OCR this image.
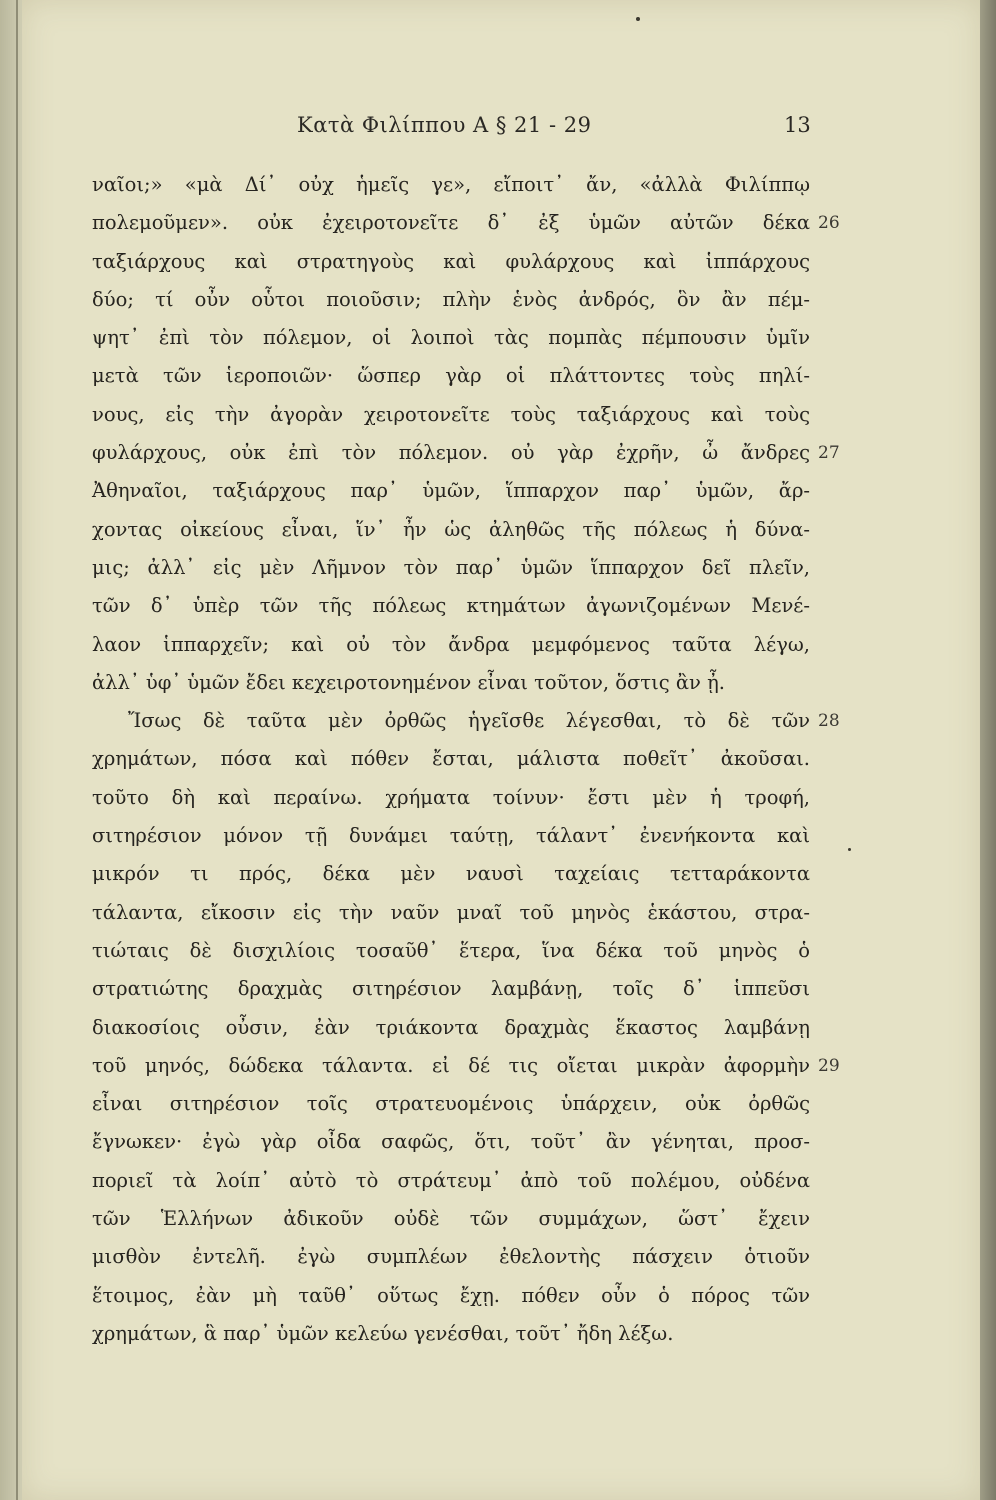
Κατὰ Φιλίππου Α § 21 - 29	13
ναῖοι;» «μὰ Δί᾽ οὐχ ἡμεῖς γε», εἴποιτ᾽ ἄν, «ἀλλὰ Φιλίππῳ
πολεμοῦμεν». οὐκ ἐχειροτονεῖτε δ᾽ ἐξ ὑμῶν αὐτῶν δέκα 26
ταξιάρχους καὶ στρατηγοὺς καὶ φυλάρχους καὶ ἱππάρχους
δύο; τί οὖν οὗτοι ποιοῦσιν; πλὴν ἑνὸς ἀνδρός, ὃν ἂν πέμ-
ψητ᾽ ἐπὶ τὸν πόλεμον, οἱ λοιποὶ τὰς πομπὰς πέμπουσιν ὑμῖν
μετὰ τῶν ἱεροποιῶν· ὥσπερ γὰρ οἱ πλάττοντες τοὺς πηλί-
νους, εἰς τὴν ἀγορὰν χειροτονεῖτε τοὺς ταξιάρχους καὶ τοὺς
φυλάρχους, οὐκ ἐπὶ τὸν πόλεμον. οὐ γὰρ ἐχρῆν, ὦ ἄνδρες 27
Ἀθηναῖοι, ταξιάρχους παρ᾽ ὑμῶν, ἵππαρχον παρ᾽ ὑμῶν, ἄρ-
χοντας οἰκείους εἶναι, ἵν᾽ ἦν ὡς ἀληθῶς τῆς πόλεως ἡ δύνα-
μις; ἀλλ᾽ εἰς μὲν Λῆμνον τὸν παρ᾽ ὑμῶν ἵππαρχον δεῖ πλεῖν,
τῶν δ᾽ ὑπὲρ τῶν τῆς πόλεως κτημάτων ἀγωνιζομένων Μενέ-
λαον ἱππαρχεῖν; καὶ οὐ τὸν ἄνδρα μεμφόμενος ταῦτα λέγω,
ἀλλ᾽ ὑφ᾽ ὑμῶν ἔδει κεχειροτονημένον εἶναι τοῦτον, ὅστις ἂν ᾖ.
Ἴσως δὲ ταῦτα μὲν ὀρθῶς ἡγεῖσθε λέγεσθαι, τὸ δὲ τῶν 28
χρημάτων, πόσα καὶ πόθεν ἔσται, μάλιστα ποθεῖτ᾽ ἀκοῦσαι.
τοῦτο δὴ καὶ περαίνω. χρήματα τοίνυν· ἔστι μὲν ἡ τροφή,
σιτηρέσιον μόνον τῇ δυνάμει ταύτῃ, τάλαντ᾽ ἐνενήκοντα καὶ
μικρόν τι πρός, δέκα μὲν ναυσὶ ταχείαις τετταράκοντα
τάλαντα, εἴκοσιν εἰς τὴν ναῦν μναῖ τοῦ μηνὸς ἑκάστου, στρα-
τιώταις δὲ δισχιλίοις τοσαῦθ᾽ ἕτερα, ἵνα δέκα τοῦ μηνὸς ὁ
στρατιώτης δραχμὰς σιτηρέσιον λαμβάνῃ, τοῖς δ᾽ ἱππεῦσι
διακοσίοις οὖσιν, ἐὰν τριάκοντα δραχμὰς ἕκαστος λαμβάνῃ
τοῦ μηνός, δώδεκα τάλαντα. εἰ δέ τις οἴεται μικρὰν ἀφορμὴν 29
εἶναι σιτηρέσιον τοῖς στρατευομένοις ὑπάρχειν, οὐκ ὀρθῶς
ἔγνωκεν· ἐγὼ γὰρ οἶδα σαφῶς, ὅτι, τοῦτ᾽ ἂν γένηται, προσ-
ποριεῖ τὰ λοίπ᾽ αὐτὸ τὸ στράτευμ᾽ ἀπὸ τοῦ πολέμου, οὐδένα
τῶν Ἑλλήνων ἀδικοῦν οὐδὲ τῶν συμμάχων, ὥστ᾽ ἔχειν
μισθὸν ἐντελῆ. ἐγὼ συμπλέων ἐθελοντὴς πάσχειν ὁτιοῦν
ἕτοιμος, ἐὰν μὴ ταῦθ᾽ οὕτως ἔχῃ. πόθεν οὖν ὁ πόρος τῶν
χρημάτων, ἃ παρ᾽ ὑμῶν κελεύω γενέσθαι, τοῦτ᾽ ἤδη λέξω.
